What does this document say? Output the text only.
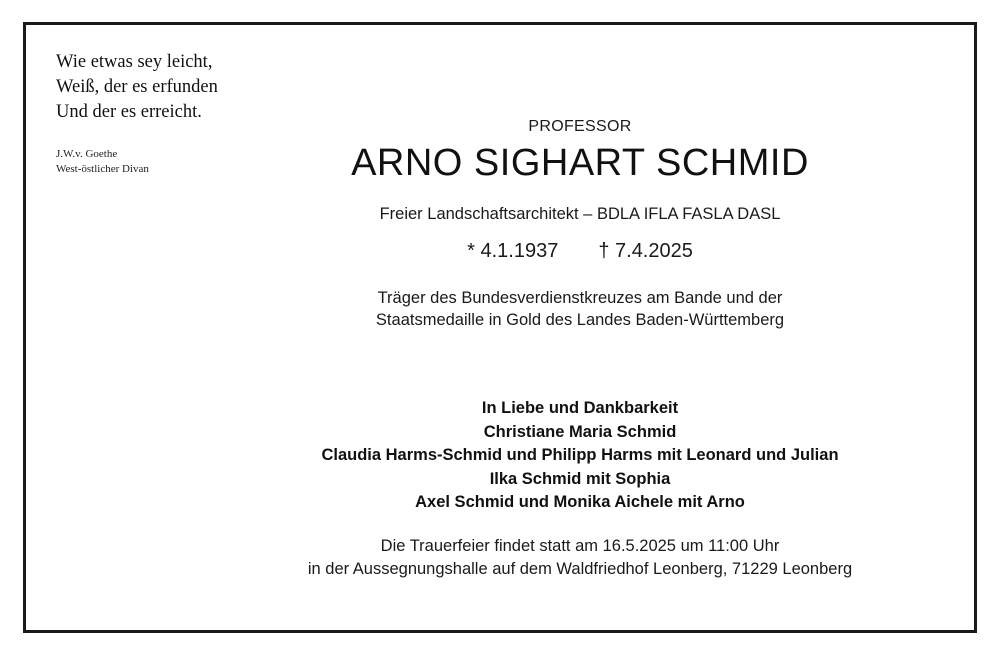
Wie etwas sey leicht,
Weiß, der es erfunden
Und der es erreicht.
J.W.v. Goethe
West-östlicher Divan
PROFESSOR
ARNO SIGHART SCHMID
Freier Landschaftsarchitekt – BDLA IFLA FASLA DASL
* 4.1.1937 † 7.4.2025
Träger des Bundesverdienstkreuzes am Bande und der
Staatsmedaille in Gold des Landes Baden-Württemberg
In Liebe und Dankbarkeit
Christiane Maria Schmid
Claudia Harms-Schmid und Philipp Harms mit Leonard und Julian
Ilka Schmid mit Sophia
Axel Schmid und Monika Aichele mit Arno
Die Trauerfeier findet statt am 16.5.2025 um 11:00 Uhr
in der Aussegnungshalle auf dem Waldfriedhof Leonberg, 71229 Leonberg
